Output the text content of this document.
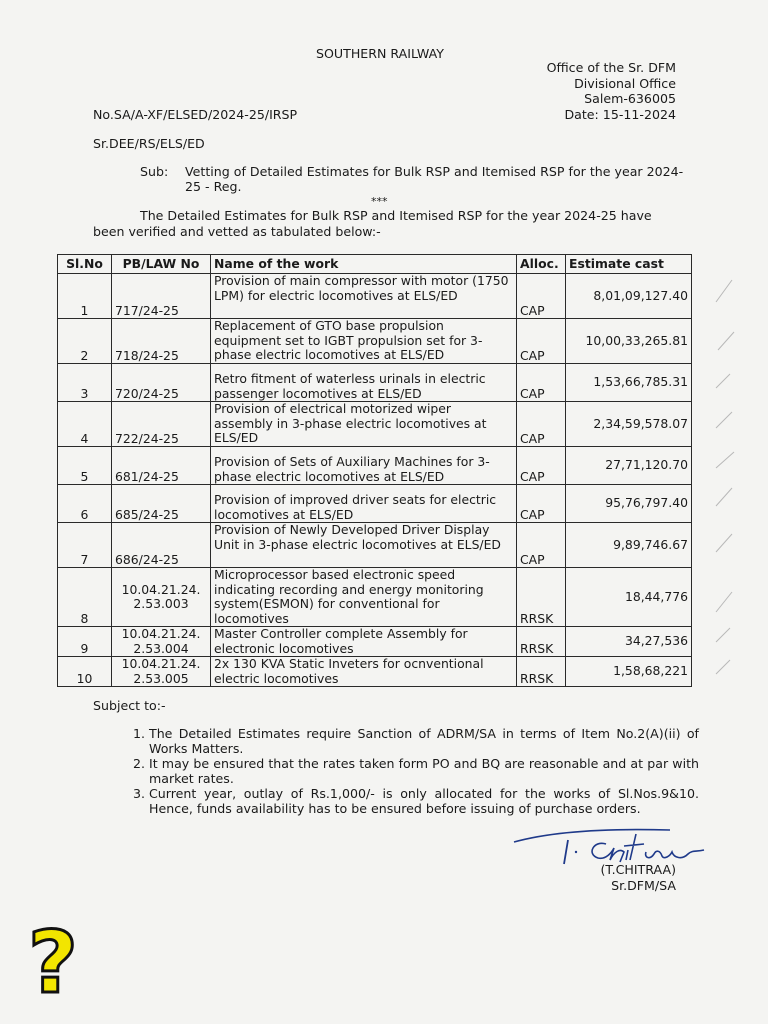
SOUTHERN RAILWAY
Office of the Sr. DFM
Divisional Office
Salem-636005
Date: 15-11-2024
No.SA/A-XF/ELSED/2024-25/IRSP
Sr.DEE/RS/ELS/ED
Sub: Vetting of Detailed Estimates for Bulk RSP and Itemised RSP for the year 2024-25 - Reg.
***
The Detailed Estimates for Bulk RSP and Itemised RSP for the year 2024-25 have been verified and vetted as tabulated below:-
Sl.No	PB/LAW No	Name of the work	Alloc.	Estimate cast
1	717/24-25	Provision of main compressor with motor (1750 LPM) for electric locomotives at ELS/ED	CAP	8,01,09,127.40
2	718/24-25	Replacement of GTO base propulsion equipment set to IGBT propulsion set for 3-phase electric locomotives at ELS/ED	CAP	10,00,33,265.81
3	720/24-25	Retro fitment of waterless urinals in electric passenger locomotives at ELS/ED	CAP	1,53,66,785.31
4	722/24-25	Provision of electrical motorized wiper assembly in 3-phase electric locomotives at ELS/ED	CAP	2,34,59,578.07
5	681/24-25	Provision of Sets of Auxiliary Machines for 3-phase electric locomotives at ELS/ED	CAP	27,71,120.70
6	685/24-25	Provision of improved driver seats for electric locomotives at ELS/ED	CAP	95,76,797.40
7	686/24-25	Provision of Newly Developed Driver Display Unit in 3-phase electric locomotives at ELS/ED	CAP	9,89,746.67
8	10.04.21.24. 2.53.003	Microprocessor based electronic speed indicating recording and energy monitoring system(ESMON) for conventional for locomotives	RRSK	18,44,776
9	10.04.21.24. 2.53.004	Master Controller complete Assembly for electronic locomotives	RRSK	34,27,536
10	10.04.21.24. 2.53.005	2x 130 KVA Static Inveters for ocnventional electric locomotives	RRSK	1,58,68,221
Subject to:-
1. The Detailed Estimates require Sanction of ADRM/SA in terms of Item No.2(A)(ii) of Works Matters.
2. It may be ensured that the rates taken form PO and BQ are reasonable and at par with market rates.
3. Current year, outlay of Rs.1,000/- is only allocated for the works of Sl.Nos.9&10. Hence, funds availability has to be ensured before issuing of purchase orders.
(T.CHITRAA)
Sr.DFM/SA
?
